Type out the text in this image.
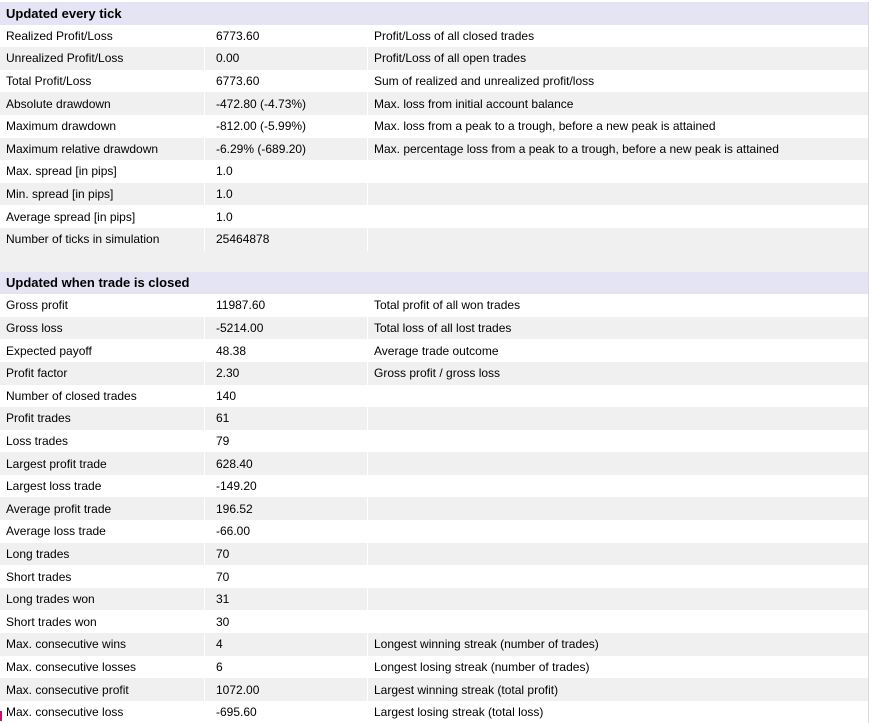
Updated every tick
Realized Profit/Loss	6773.60	Profit/Loss of all closed trades
Unrealized Profit/Loss	0.00	Profit/Loss of all open trades
Total Profit/Loss	6773.60	Sum of realized and unrealized profit/loss
Absolute drawdown	-472.80 (-4.73%)	Max. loss from initial account balance
Maximum drawdown	-812.00 (-5.99%)	Max. loss from a peak to a trough, before a new peak is attained
Maximum relative drawdown	-6.29% (-689.20)	Max. percentage loss from a peak to a trough, before a new peak is attained
Max. spread [in pips]	1.0
Min. spread [in pips]	1.0
Average spread [in pips]	1.0
Number of ticks in simulation	25464878
Updated when trade is closed
Gross profit	11987.60	Total profit of all won trades
Gross loss	-5214.00	Total loss of all lost trades
Expected payoff	48.38	Average trade outcome
Profit factor	2.30	Gross profit / gross loss
Number of closed trades	140
Profit trades	61
Loss trades	79
Largest profit trade	628.40
Largest loss trade	-149.20
Average profit trade	196.52
Average loss trade	-66.00
Long trades	70
Short trades	70
Long trades won	31
Short trades won	30
Max. consecutive wins	4	Longest winning streak (number of trades)
Max. consecutive losses	6	Longest losing streak (number of trades)
Max. consecutive profit	1072.00	Largest winning streak (total profit)
Max. consecutive loss	-695.60	Largest losing streak (total loss)
